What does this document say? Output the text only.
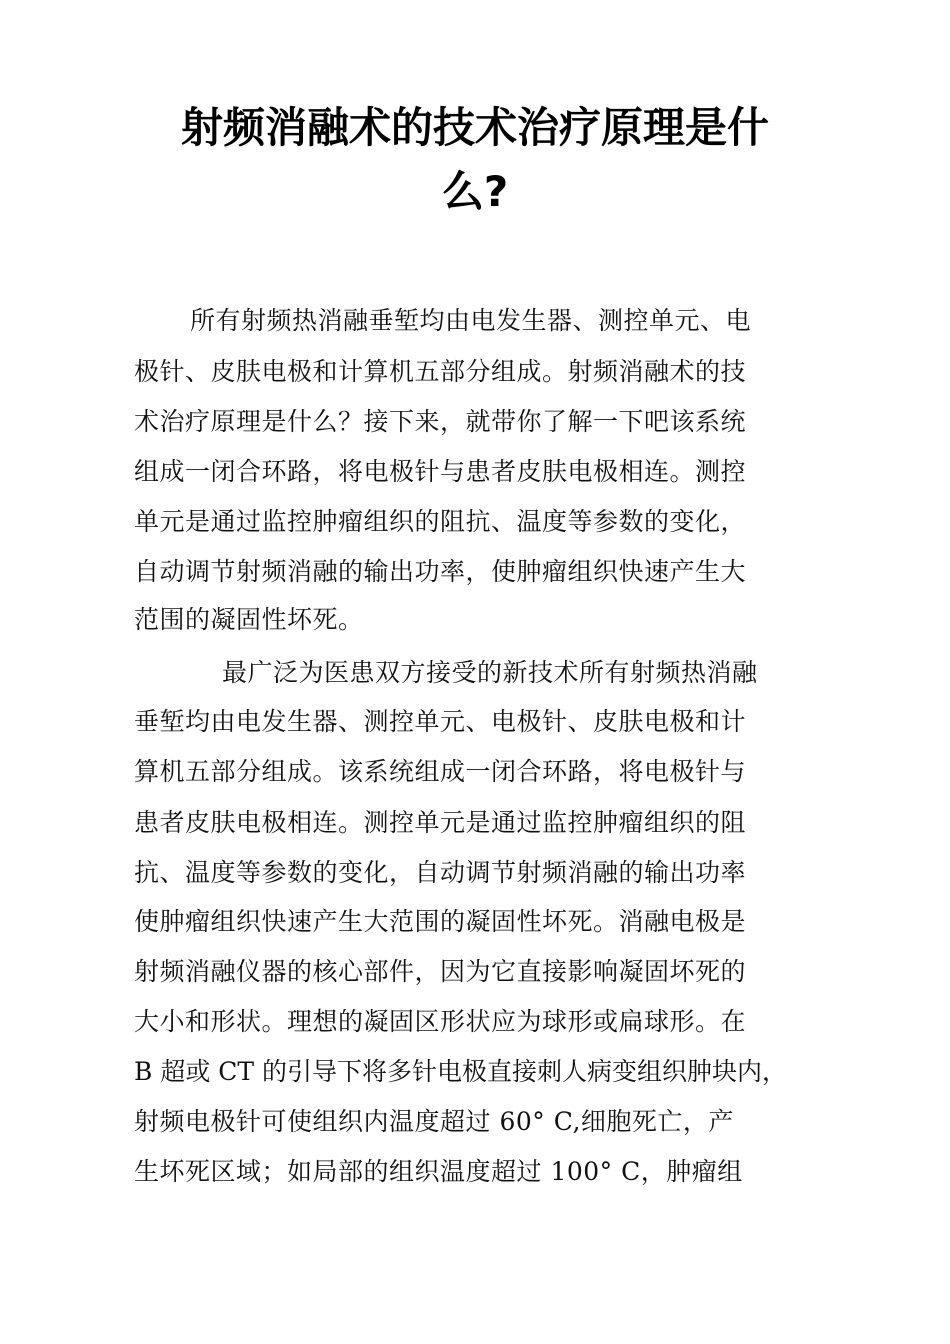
射频消融术的技术治疗原理是什
么?
所有射频热消融垂堑均由电发生器、测控单元、电
极针、皮肤电极和计算机五部分组成。射频消融术的技
术治疗原理是什么？接下来，就带你了解一下吧该系统
组成一闭合环路，将电极针与患者皮肤电极相连。测控
单元是通过监控肿瘤组织的阻抗、温度等参数的变化，
自动调节射频消融的输出功率，使肿瘤组织快速产生大
范围的凝固性坏死。
最广泛为医患双方接受的新技术所有射频热消融
垂堑均由电发生器、测控单元、电极针、皮肤电极和计
算机五部分组成。该系统组成一闭合环路，将电极针与
患者皮肤电极相连。测控单元是通过监控肿瘤组织的阻
抗、温度等参数的变化，自动调节射频消融的输出功率
使肿瘤组织快速产生大范围的凝固性坏死。消融电极是
射频消融仪器的核心部件，因为它直接影响凝固坏死的
大小和形状。理想的凝固区形状应为球形或扁球形。在
B 超或 CT 的引导下将多针电极直接刺人病变组织肿块内，
射频电极针可使组织内温度超过 60° C,细胞死亡，产
生坏死区域；如局部的组织温度超过 100° C，肿瘤组
